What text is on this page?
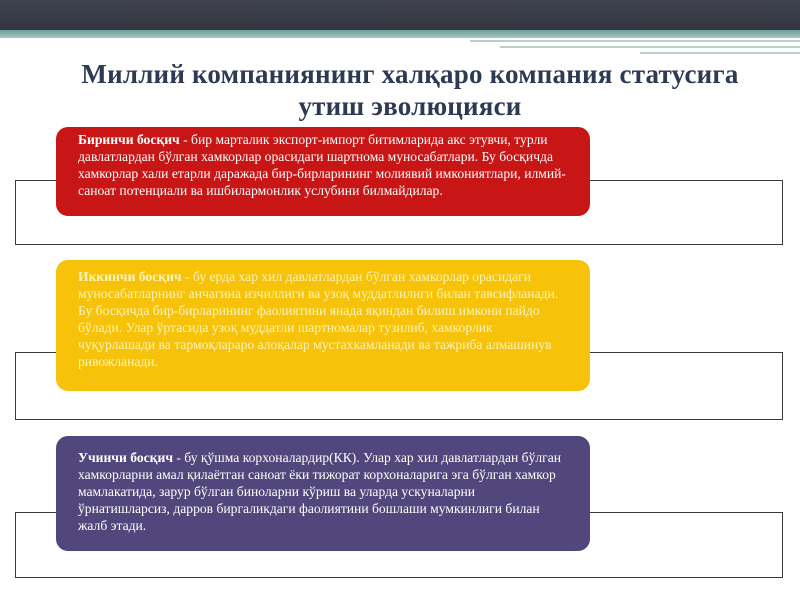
Миллий компаниянинг халқаро компания статусига утиш эволюцияси
Биринчи босқич - бир марталик экспорт-импорт битимларида акс этувчи, турли давлатлардан бўлган хамкорлар орасидаги шартнома муносабатлари. Бу босқичда хамкорлар хали етарли даражада бир-бирларининг молиявий имкониятлари, илмий-саноат потенциали ва ишбилармонлик услубини билмайдилар.
Иккинчи босқич - бу ерда хар хил давлатлардан бўлган хамкорлар орасидаги муносабатларнинг анчагина изчиллиги ва узоқ муддатлилиги билан тавсифланади. Бу босқичда бир-бирларининг фаолиятини янада яқиндан билиш имкони пайдо бўлади. Улар ўртасида узоқ муддатли шартномалар тузилиб, хамкорлик чуқурлашади ва тармоқлараро алоқалар мустахкамланади ва тажриба алмашинув ривожланади.
Учинчи босқич - бу қўшма корхоналардир(КК). Улар хар хил давлатлардан бўлган хамкорларни амал қилаётган саноат ёки тижорат корхоналарига эга бўлган хамкор мамлакатида, зарур бўлган биноларни кўриш ва уларда ускуналарни ўрнатишларсиз, дарров биргаликдаги фаолиятини бошлаши мумкинлиги билан жалб этади.
